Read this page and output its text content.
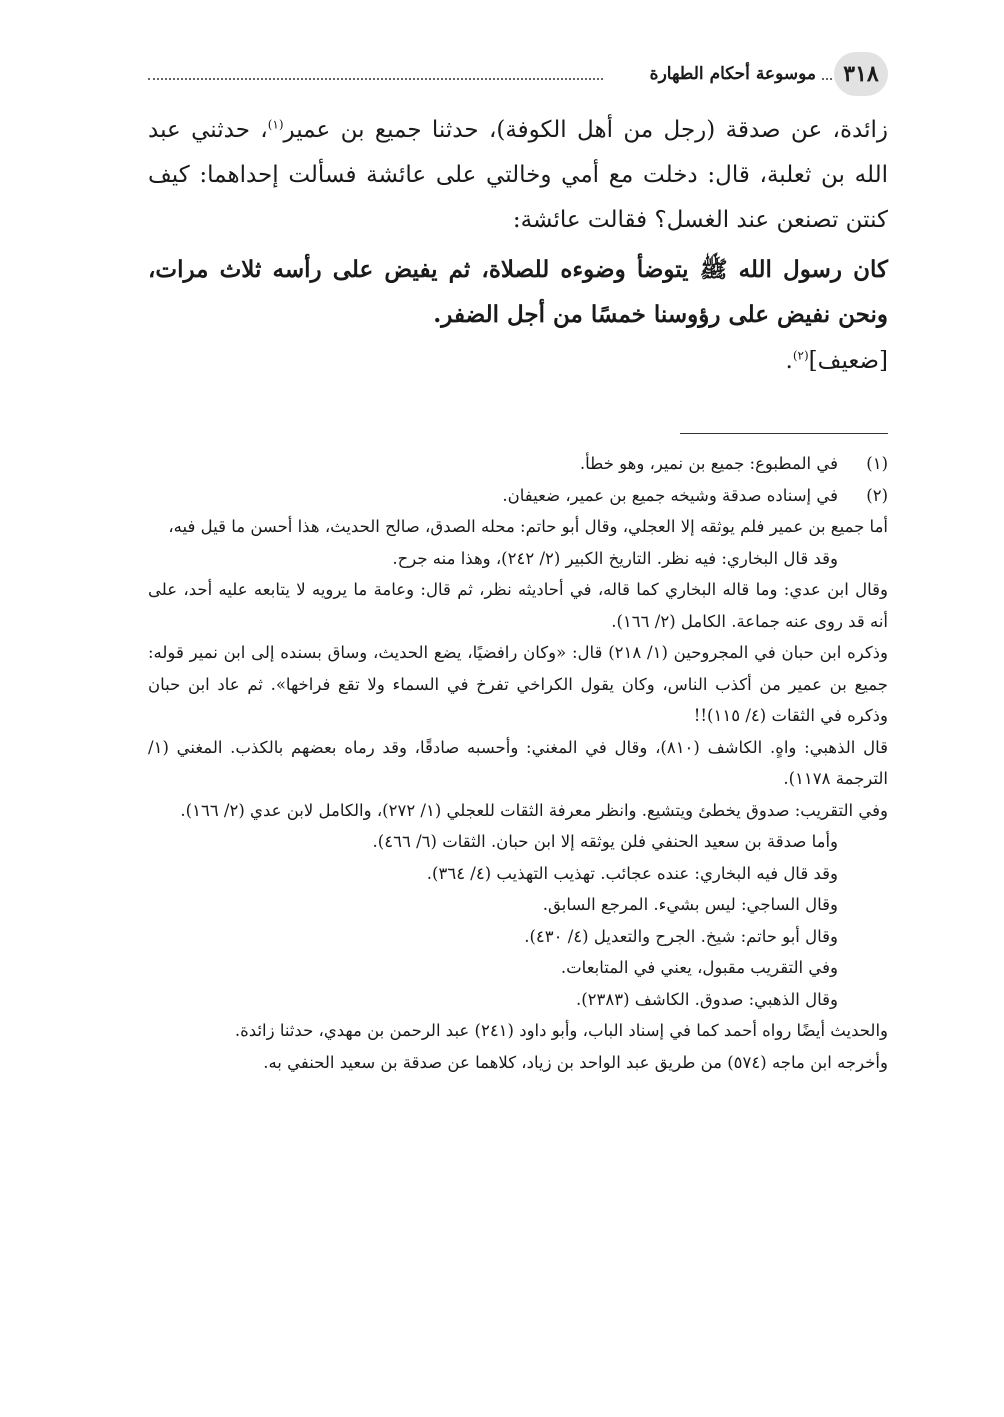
٣١٨
موسوعة أحكام الطهارة

زائدة، عن صدقة (رجل من أهل الكوفة)، حدثنا جميع بن عمير$^{(١)}$، حدثني عبد الله بن ثعلبة، قال: دخلت مع أمي وخالتي على عائشة فسألت إحداهما: كيف كنتن تصنعن عند الغسل؟ فقالت عائشة:

كان رسول الله ﷺ يتوضأ وضوءه للصلاة، ثم يفيض على رأسه ثلاث مرات، ونحن نفيض على رؤوسنا خمسًا من أجل الضفر.

[ضعيف]$^{(٢)}$.

(١)
في المطبوع: جميع بن نمير، وهو خطأ.
(٢)
في إسناده صدقة وشيخه جميع بن عمير، ضعيفان.
أما جميع بن عمير فلم يوثقه إلا العجلي، وقال أبو حاتم: محله الصدق، صالح الحديث، هذا أحسن ما قيل فيه،
وقد قال البخاري: فيه نظر. التاريخ الكبير (٢/ ٢٤٢)، وهذا منه جرح.
وقال ابن عدي: وما قاله البخاري كما قاله، في أحاديثه نظر، ثم قال: وعامة ما يرويه لا يتابعه عليه أحد، على أنه قد روى عنه جماعة. الكامل (٢/ ١٦٦).
وذكره ابن حبان في المجروحين (١/ ٢١٨) قال: «وكان رافضيًا، يضع الحديث، وساق بسنده إلى ابن نمير قوله: جميع بن عمير من أكذب الناس، وكان يقول الكراخي تفرخ في السماء ولا تقع فراخها». ثم عاد ابن حبان وذكره في الثقات (٤/ ١١٥)!!
قال الذهبي: واهٍ. الكاشف (٨١٠)، وقال في المغني: وأحسبه صادقًا، وقد رماه بعضهم بالكذب. المغني (١/ الترجمة ١١٧٨).
وفي التقريب: صدوق يخطئ ويتشيع. وانظر معرفة الثقات للعجلي (١/ ٢٧٢)، والكامل لابن عدي (٢/ ١٦٦).
وأما صدقة بن سعيد الحنفي فلن يوثقه إلا ابن حبان. الثقات (٦/ ٤٦٦).
وقد قال فيه البخاري: عنده عجائب. تهذيب التهذيب (٤/ ٣٦٤).
وقال الساجي: ليس بشيء. المرجع السابق.
وقال أبو حاتم: شيخ. الجرح والتعديل (٤/ ٤٣٠).
وفي التقريب مقبول، يعني في المتابعات.
وقال الذهبي: صدوق. الكاشف (٢٣٨٣).
والحديث أيضًا رواه أحمد كما في إسناد الباب، وأبو داود (٢٤١) عبد الرحمن بن مهدي، حدثنا زائدة.
وأخرجه ابن ماجه (٥٧٤) من طريق عبد الواحد بن زياد، كلاهما عن صدقة بن سعيد الحنفي به.
